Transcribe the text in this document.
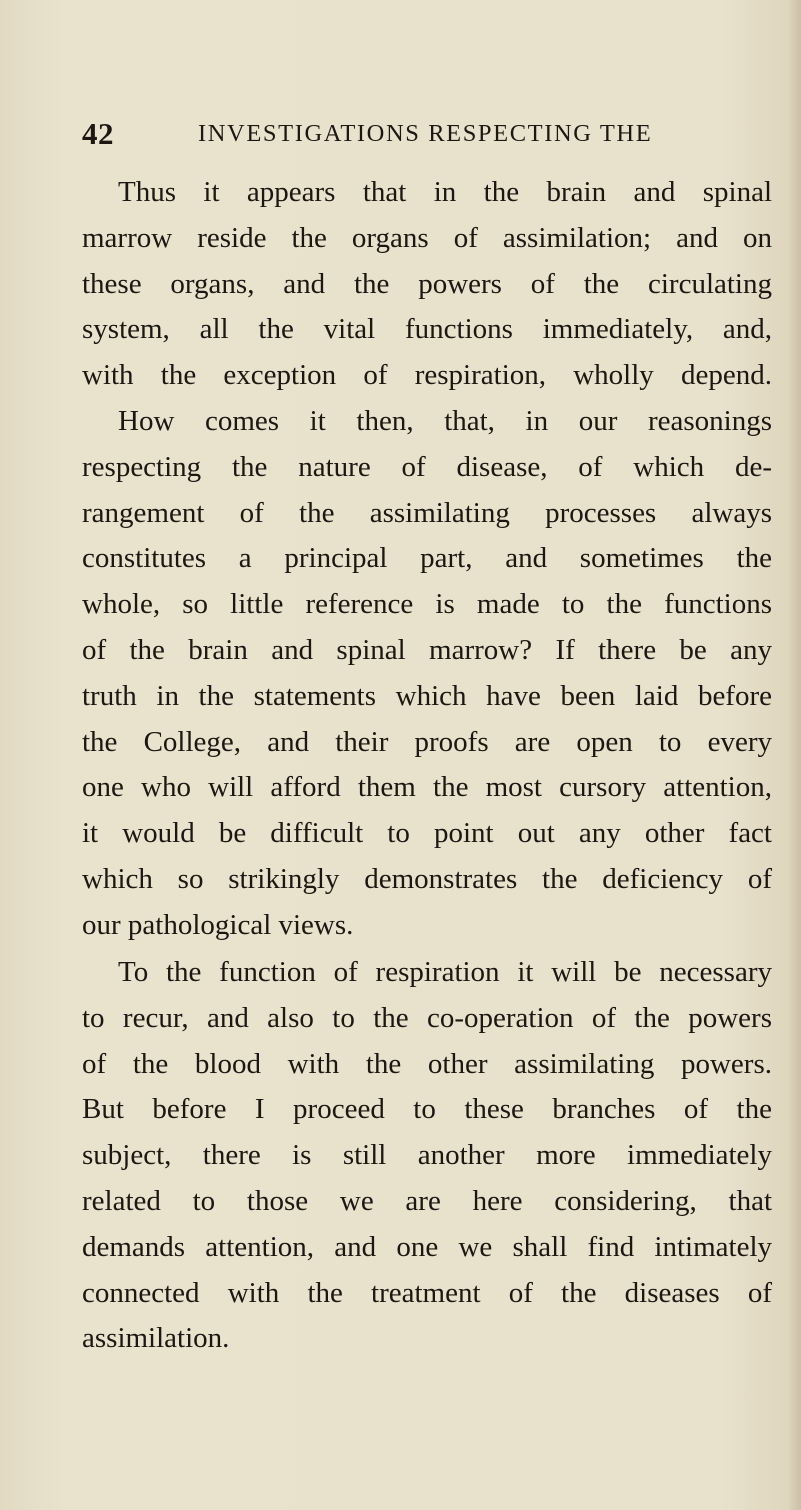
42	INVESTIGATIONS RESPECTING THE
Thus it appears that in the brain and spinal
marrow reside the organs of assimilation; and on
these organs, and the powers of the circulating
system, all the vital functions immediately, and,
with the exception of respiration, wholly depend.
How comes it then, that, in our reasonings
respecting the nature of disease, of which de-
rangement of the assimilating processes always
constitutes a principal part, and sometimes the
whole, so little reference is made to the functions
of the brain and spinal marrow? If there be any
truth in the statements which have been laid before
the College, and their proofs are open to every
one who will afford them the most cursory attention,
it would be difficult to point out any other fact
which so strikingly demonstrates the deficiency of
our pathological views.
To the function of respiration it will be necessary
to recur, and also to the co-operation of the powers
of the blood with the other assimilating powers.
But before I proceed to these branches of the
subject, there is still another more immediately
related to those we are here considering, that
demands attention, and one we shall find intimately
connected with the treatment of the diseases of
assimilation.
